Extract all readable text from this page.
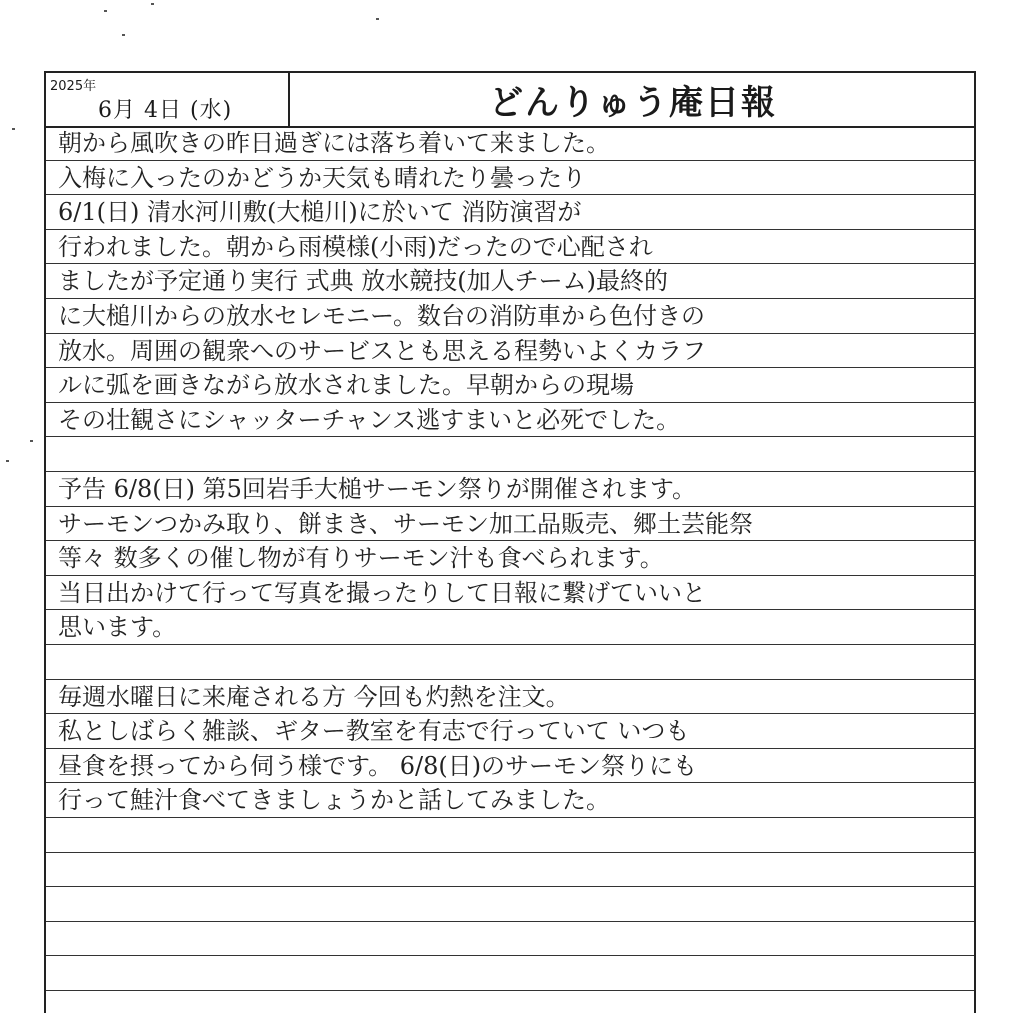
2025年
6月 4日 (水)	どんりゅう庵日報
朝から風吹きの昨日過ぎには落ち着いて来ました。
入梅に入ったのかどうか天気も晴れたり曇ったり
6/1(日) 清水河川敷(大槌川)に於いて 消防演習が
行われました。朝から雨模様(小雨)だったので心配され
ましたが予定通り実行 式典 放水競技(加人チーム)最終的
に大槌川からの放水セレモニー。数台の消防車から色付きの
放水。周囲の観衆へのサービスとも思える程勢いよくカラフ
ルに弧を画きながら放水されました。早朝からの現場
その壮観さにシャッターチャンス逃すまいと必死でした。
予告 6/8(日) 第5回岩手大槌サーモン祭りが開催されます。
サーモンつかみ取り、餅まき、サーモン加工品販売、郷土芸能祭
等々 数多くの催し物が有りサーモン汁も食べられます。
当日出かけて行って写真を撮ったりして日報に繋げていいと
思います。
毎週水曜日に来庵される方 今回も灼熱を注文。
私としばらく雑談、ギター教室を有志で行っていて いつも
昼食を摂ってから伺う様です。 6/8(日)のサーモン祭りにも
行って鮭汁食べてきましょうかと話してみました。
